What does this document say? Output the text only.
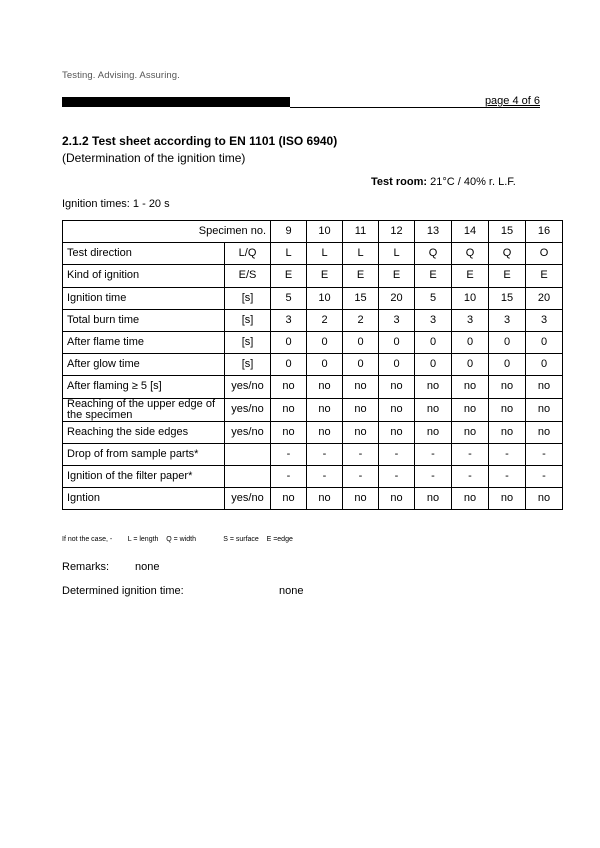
Testing. Advising. Assuring.
page 4 of 6
2.1.2 Test sheet according to EN 1101 (ISO 6940)
(Determination of the ignition time)
Test room: 21°C / 40% r. L.F.
Ignition times: 1 - 20 s
Specimen no.		9	10	11	12	13	14	15	16
Test direction	L/Q	L	L	L	L	Q	Q	Q	O
Kind of ignition	E/S	E	E	E	E	E	E	E	E
Ignition time	[s]	5	10	15	20	5	10	15	20
Total burn time	[s]	3	2	2	3	3	3	3	3
After flame time	[s]	0	0	0	0	0	0	0	0
After glow time	[s]	0	0	0	0	0	0	0	0
After flaming ≥ 5 [s]	yes/no	no	no	no	no	no	no	no	no
Reaching of the upper edge of the specimen	yes/no	no	no	no	no	no	no	no	no
Reaching the side edges	yes/no	no	no	no	no	no	no	no	no
Drop of from sample parts*		-	-	-	-	-	-	-	-
Ignition of the filter paper*		-	-	-	-	-	-	-	-
Igntion	yes/no	no	no	no	no	no	no	no	no
If not the case, -        L = length    Q = width              S = surface    E =edge
Remarks: none
Determined ignition time:	none
